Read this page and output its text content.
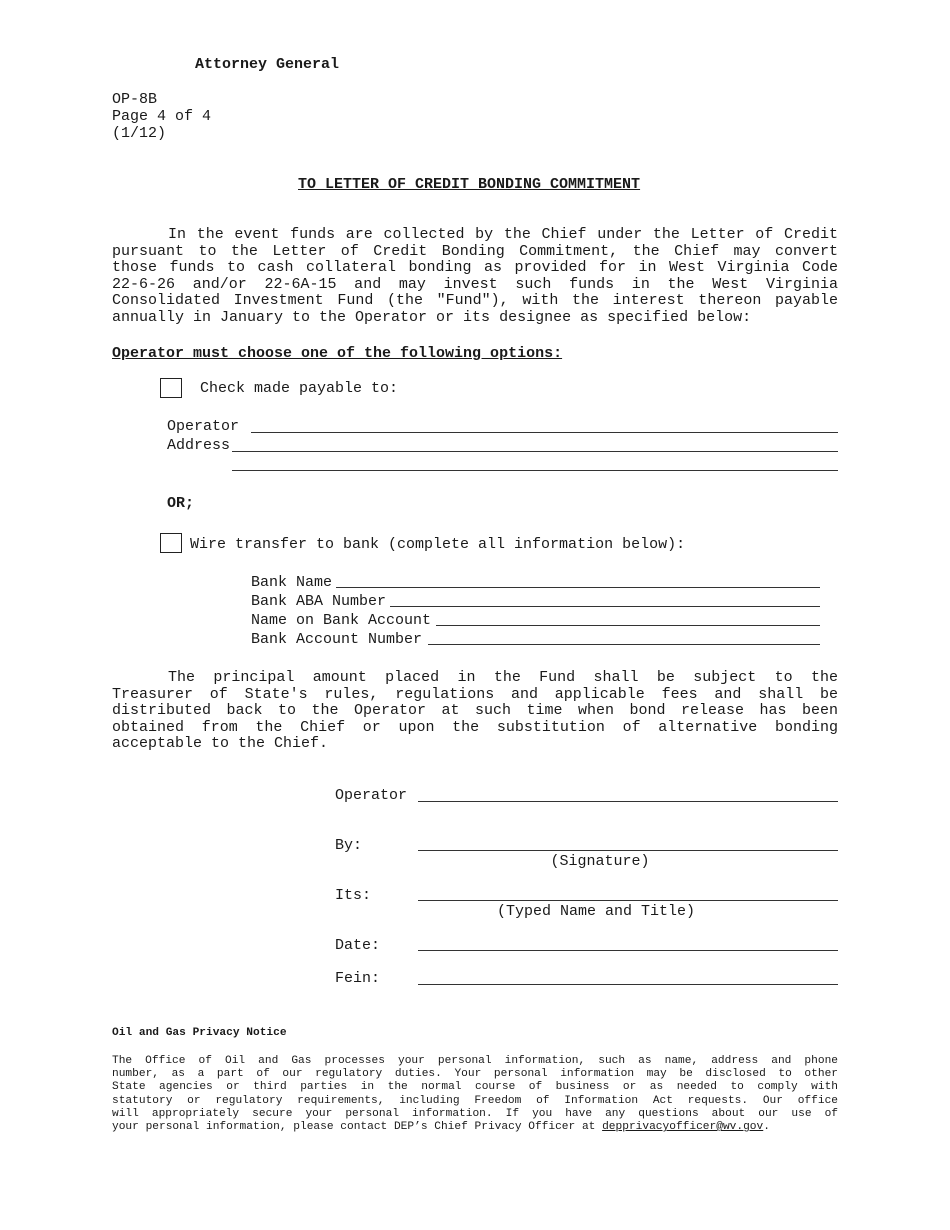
Attorney General
OP-8B
Page 4 of 4
(1/12)
TO LETTER OF CREDIT BONDING COMMITMENT
In the event funds are collected by the Chief under the Letter of Credit
pursuant to the Letter of Credit Bonding Commitment, the Chief may convert
those funds to cash collateral bonding as provided for in West Virginia Code
22-6-26 and/or 22-6A-15 and may invest such funds in the West Virginia
Consolidated Investment Fund (the "Fund"), with the interest thereon payable
annually in January to the Operator or its designee as specified below:
Operator must choose one of the following options:
Check made payable to:
Operator
Address
OR;
Wire transfer to bank (complete all information below):
Bank Name
Bank ABA Number
Name on Bank Account
Bank Account Number
The principal amount placed in the Fund shall be subject to the
Treasurer of State's rules, regulations and applicable fees and shall be
distributed back to the Operator at such time when bond release has been
obtained from the Chief or upon the substitution of alternative bonding
acceptable to the Chief.
Operator
By:
(Signature)
Its:
(Typed Name and Title)
Date:
Fein:
Oil and Gas Privacy Notice
The Office of Oil and Gas processes your personal information, such as name, address and phone
number, as a part of our regulatory duties. Your personal information may be disclosed to other
State agencies or third parties in the normal course of business or as needed to comply with
statutory or regulatory requirements, including Freedom of Information Act requests. Our office
will appropriately secure your personal information. If you have any questions about our use of
your personal information, please contact DEP’s Chief Privacy Officer at depprivacyofficer@wv.gov.
